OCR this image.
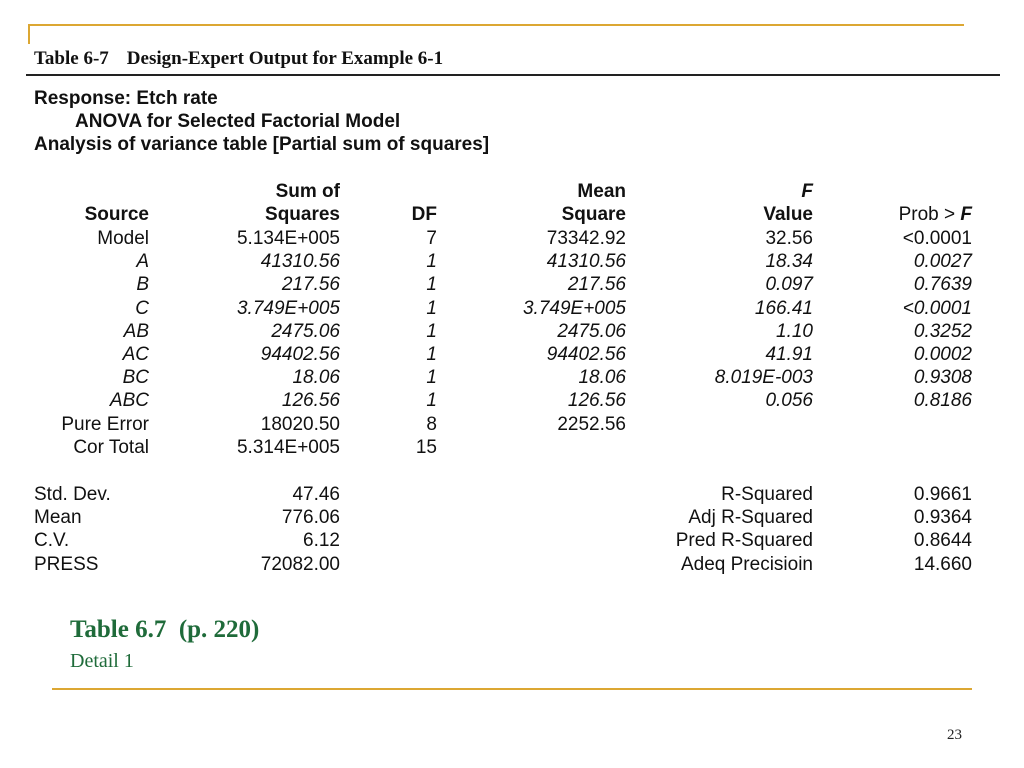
Table 6-7 Design-Expert Output for Example 6-1
Response: Etch rate
ANOVA for Selected Factorial Model
Analysis of variance table [Partial sum of squares]
Sum of	Mean	F
Source	Squares	DF	Square	Value	Prob > F
Model	5.134E+005	7	73342.92	32.56	<0.0001
A	41310.56	1	41310.56	18.34	0.0027
B	217.56	1	217.56	0.097	0.7639
C	3.749E+005	1	3.749E+005	166.41	<0.0001
AB	2475.06	1	2475.06	1.10	0.3252
AC	94402.56	1	94402.56	41.91	0.0002
BC	18.06	1	18.06	8.019E-003	0.9308
ABC	126.56	1	126.56	0.056	0.8186
Pure Error	18020.50	8	2252.56
Cor Total	5.314E+005	15
Std. Dev.	47.46	R-Squared	0.9661
Mean	776.06	Adj R-Squared	0.9364
C.V.	6.12	Pred R-Squared	0.8644
PRESS	72082.00	Adeq Precisioin	14.660
Table 6.7  (p. 220)
Detail 1
23
